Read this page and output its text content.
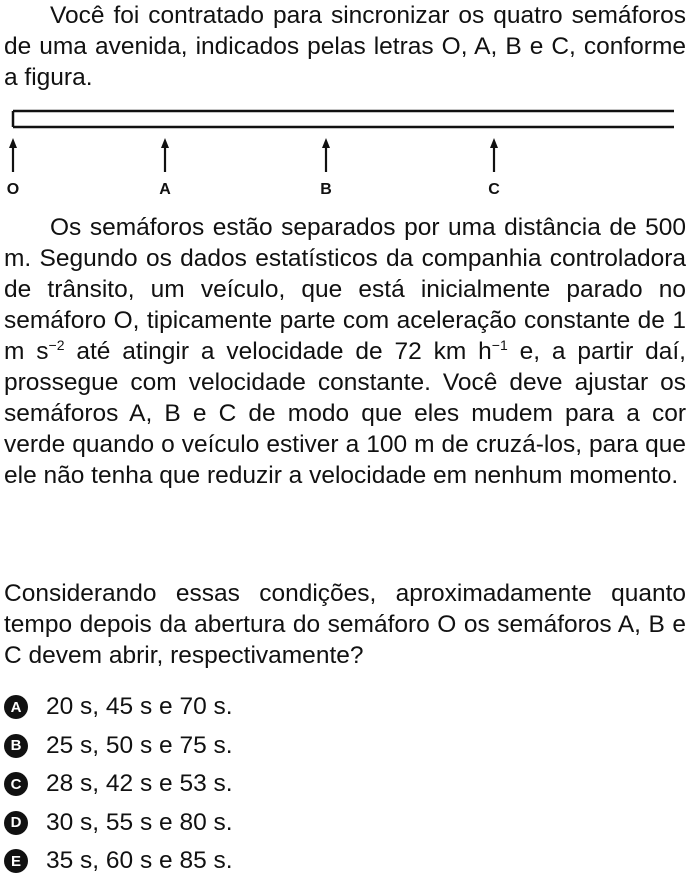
Você foi contratado para sincronizar os quatro semáforos de uma avenida, indicados pelas letras O, A, B e C, conforme a figura.

O	A	B	C

Os semáforos estão separados por uma distância de 500 m. Segundo os dados estatísticos da companhia controladora de trânsito, um veículo, que está inicialmente parado no semáforo O, tipicamente parte com aceleração constante de 1 m $s^{-2}$ até atingir a velocidade de 72 km $h^{-1}$ e, a partir daí, prossegue com velocidade constante. Você deve ajustar os semáforos A, B e C de modo que eles mudem para a cor verde quando o veículo estiver a 100 m de cruzá-los, para que ele não tenha que reduzir a velocidade em nenhum momento.

Considerando essas condições, aproximadamente quanto tempo depois da abertura do semáforo O os semáforos A, B e C devem abrir, respectivamente?

A 20 s, 45 s e 70 s.
B 25 s, 50 s e 75 s.
C 28 s, 42 s e 53 s.
D 30 s, 55 s e 80 s.
E 35 s, 60 s e 85 s.
